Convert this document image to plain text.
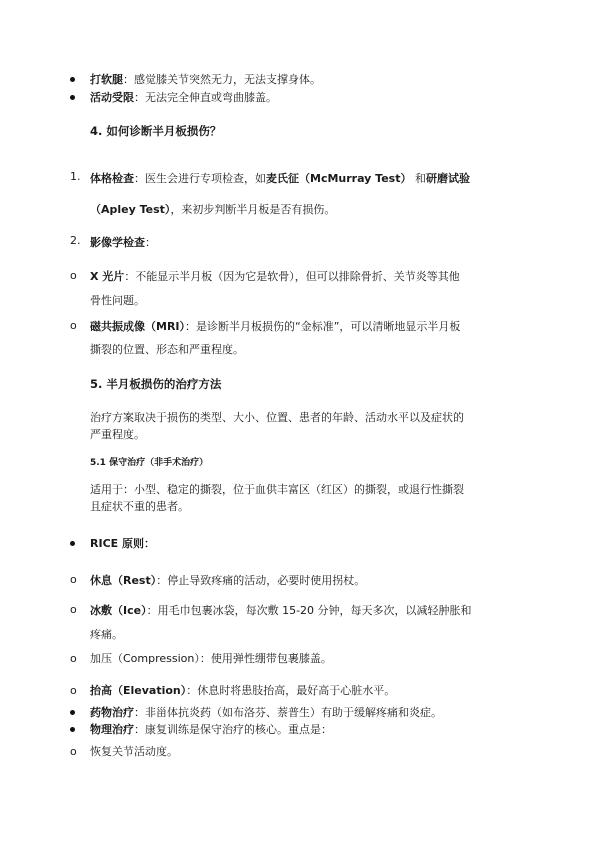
打软腿：感觉膝关节突然无力，无法支撑身体。
活动受限：无法完全伸直或弯曲膝盖。
4. 如何诊断半月板损伤？
1. 体格检查：医生会进行专项检查，如麦氏征（McMurray Test） 和研磨试验
（Apley Test），来初步判断半月板是否有损伤。
2. 影像学检查：
o X 光片：不能显示半月板（因为它是软骨），但可以排除骨折、关节炎等其他
骨性问题。
o 磁共振成像（MRI）：是诊断半月板损伤的“金标准”，可以清晰地显示半月板
撕裂的位置、形态和严重程度。
5. 半月板损伤的治疗方法
治疗方案取决于损伤的类型、大小、位置、患者的年龄、活动水平以及症状的
严重程度。
5.1 保守治疗（非手术治疗）
适用于：小型、稳定的撕裂，位于血供丰富区（红区）的撕裂，或退行性撕裂
且症状不重的患者。
RICE 原则：
o 休息（Rest）：停止导致疼痛的活动，必要时使用拐杖。
o 冰敷（Ice）：用毛巾包裹冰袋，每次敷 15-20 分钟，每天多次，以减轻肿胀和
疼痛。
o 加压（Compression）：使用弹性绷带包裹膝盖。
o 抬高（Elevation）：休息时将患肢抬高，最好高于心脏水平。
药物治疗：非甾体抗炎药（如布洛芬、萘普生）有助于缓解疼痛和炎症。
物理治疗：康复训练是保守治疗的核心。重点是：
o 恢复关节活动度。
